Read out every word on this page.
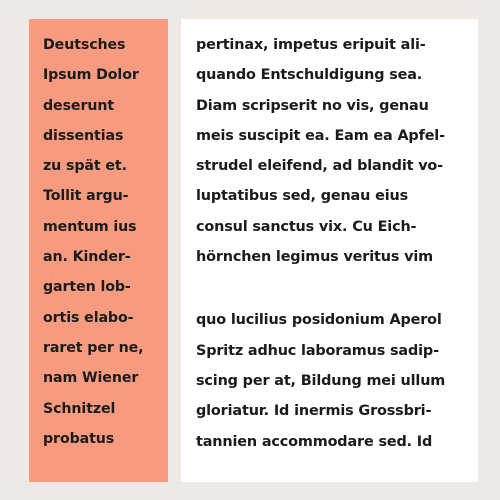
Deutsches
Ipsum Dolor
deserunt
dissentias
zu spät et.
Tollit argu-
mentum ius
an. Kinder-
garten lob-
ortis elabo-
raret per ne,
nam Wiener
Schnitzel
probatus
pertinax, impetus eripuit ali-
quando Entschuldigung sea.
Diam scripserit no vis, genau
meis suscipit ea. Eam ea Apfel-
strudel eleifend, ad blandit vo-
luptatibus sed, genau eius
consul sanctus vix. Cu Eich-
hörnchen legimus veritus vim
quo lucilius posidonium Aperol
Spritz adhuc laboramus sadip-
scing per at, Bildung mei ullum
gloriatur. Id inermis Grossbri-
tannien accommodare sed. Id
